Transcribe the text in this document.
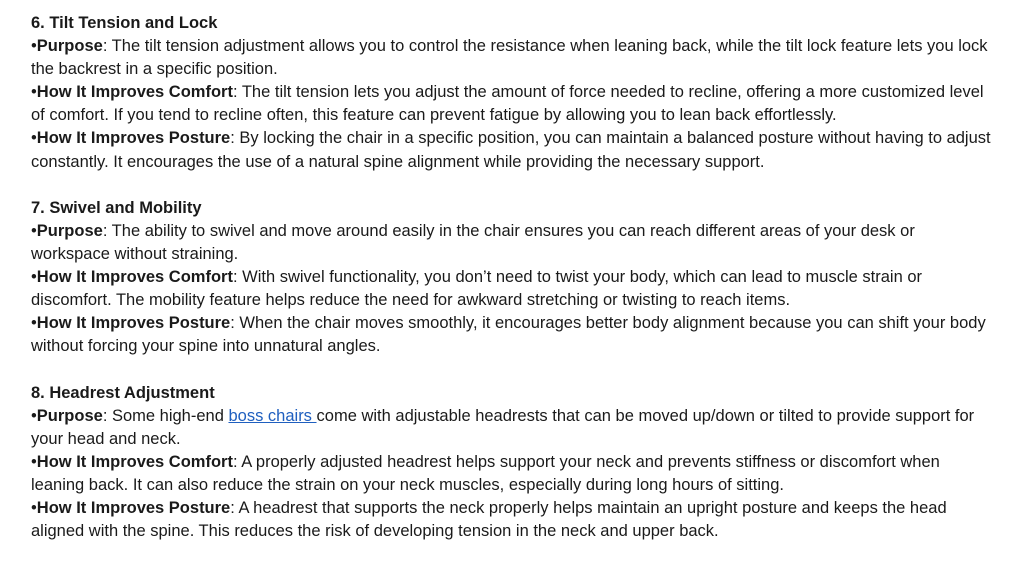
6. Tilt Tension and Lock
•Purpose: The tilt tension adjustment allows you to control the resistance when leaning back, while the tilt lock feature lets you lock the backrest in a specific position.
•How It Improves Comfort: The tilt tension lets you adjust the amount of force needed to recline, offering a more customized level of comfort. If you tend to recline often, this feature can prevent fatigue by allowing you to lean back effortlessly.
•How It Improves Posture: By locking the chair in a specific position, you can maintain a balanced posture without having to adjust constantly. It encourages the use of a natural spine alignment while providing the necessary support.
7. Swivel and Mobility
•Purpose: The ability to swivel and move around easily in the chair ensures you can reach different areas of your desk or workspace without straining.
•How It Improves Comfort: With swivel functionality, you don’t need to twist your body, which can lead to muscle strain or discomfort. The mobility feature helps reduce the need for awkward stretching or twisting to reach items.
•How It Improves Posture: When the chair moves smoothly, it encourages better body alignment because you can shift your body without forcing your spine into unnatural angles.
8. Headrest Adjustment
•Purpose: Some high-end boss chairs come with adjustable headrests that can be moved up/down or tilted to provide support for your head and neck.
•How It Improves Comfort: A properly adjusted headrest helps support your neck and prevents stiffness or discomfort when leaning back. It can also reduce the strain on your neck muscles, especially during long hours of sitting.
•How It Improves Posture: A headrest that supports the neck properly helps maintain an upright posture and keeps the head aligned with the spine. This reduces the risk of developing tension in the neck and upper back.
